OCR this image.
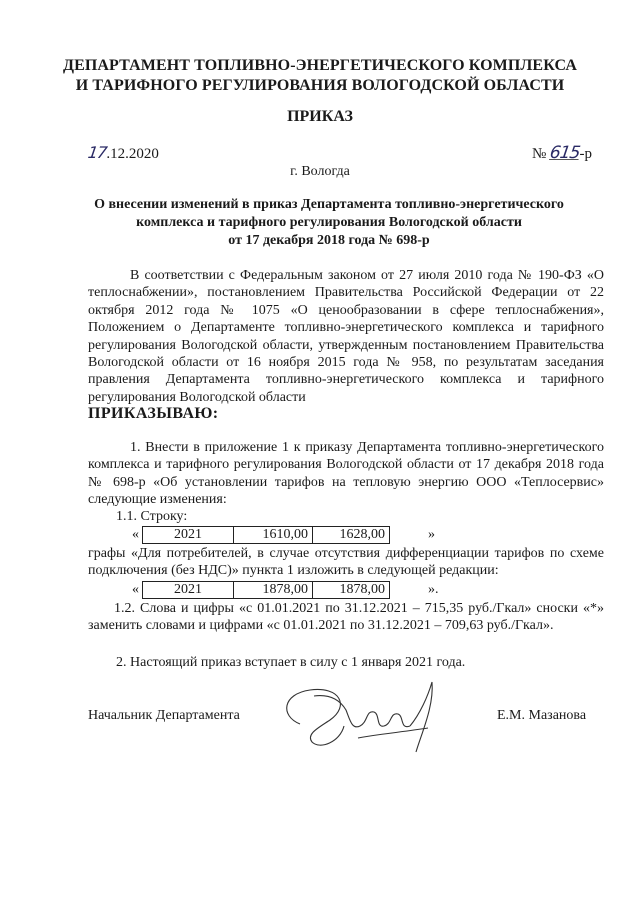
ДЕПАРТАМЕНТ ТОПЛИВНО-ЭНЕРГЕТИЧЕСКОГО КОМПЛЕКСА
И ТАРИФНОГО РЕГУЛИРОВАНИЯ ВОЛОГОДСКОЙ ОБЛАСТИ
ПРИКАЗ
17.12.2020	№ 615-р
г. Вологда
О внесении изменений в приказ Департамента топливно-энергетического
комплекса и тарифного регулирования Вологодской области
от 17 декабря 2018 года № 698-р

В соответствии с Федеральным законом от 27 июля 2010 года № 190-ФЗ «О теплоснабжении», постановлением Правительства Российской Федерации от 22 октября 2012 года № 1075 «О ценообразовании в сфере теплоснабжения», Положением о Департаменте топливно-энергетического комплекса и тарифного регулирования Вологодской области, утвержденным постановлением Правительства Вологодской области от 16 ноября 2015 года № 958, по результатам заседания правления Департамента топливно-энергетического комплекса и тарифного регулирования Вологодской области

ПРИКАЗЫВАЮ:

1. Внести в приложение 1 к приказу Департамента топливно-энергетического комплекса и тарифного регулирования Вологодской области от 17 декабря 2018 года № 698-р «Об установлении тарифов на тепловую энергию ООО «Теплосервис» следующие изменения:

1.1. Строку:
«	2021	1610,00	1628,00	»

графы «Для потребителей, в случае отсутствия дифференциации тарифов по схеме подключения (без НДС)» пункта 1 изложить в следующей редакции:

«	2021	1878,00	1878,00	».

1.2. Слова и цифры «с 01.01.2021 по 31.12.2021 – 715,35 руб./Гкал» сноски «*» заменить словами и цифрами «с 01.01.2021 по 31.12.2021 – 709,63 руб./Гкал».

2. Настоящий приказ вступает в силу с 1 января 2021 года.
Начальник Департамента	Е.М. Мазанова
